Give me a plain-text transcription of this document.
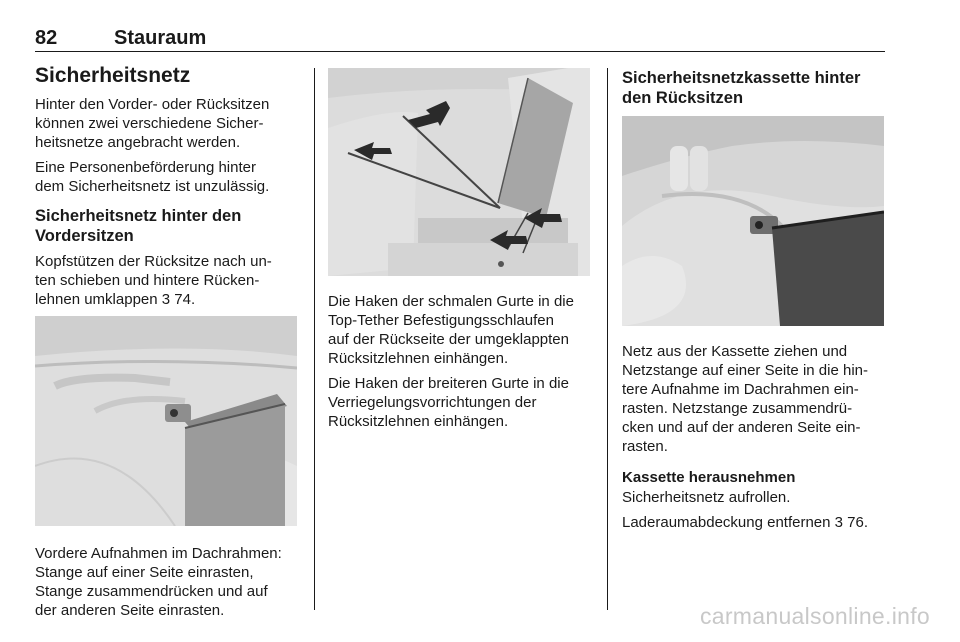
82	Stauraum
Sicherheitsnetz

Hinter den Vorder- oder Rücksitzen
können zwei verschiedene Sicher-
heitsnetze angebracht werden.

Eine Personenbeförderung hinter
dem Sicherheitsnetz ist unzulässig.

Sicherheitsnetz hinter den
Vordersitzen

Kopfstützen der Rücksitze nach un-
ten schieben und hintere Rücken-
lehnen umklappen 3 74.

Vordere Aufnahmen im Dachrahmen:
Stange auf einer Seite einrasten,
Stange zusammendrücken und auf
der anderen Seite einrasten.

Die Haken der schmalen Gurte in die
Top-Tether Befestigungsschlaufen
auf der Rückseite der umgeklappten
Rücksitzlehnen einhängen.

Die Haken der breiteren Gurte in die
Verriegelungsvorrichtungen der
Rücksitzlehnen einhängen.

Sicherheitsnetzkassette hinter
den Rücksitzen

Netz aus der Kassette ziehen und
Netzstange auf einer Seite in die hin-
tere Aufnahme im Dachrahmen ein-
rasten. Netzstange zusammendrü-
cken und auf der anderen Seite ein-
rasten.

Kassette herausnehmen

Sicherheitsnetz aufrollen.

Laderaumabdeckung entfernen 3 76.

carmanualsonline.info
